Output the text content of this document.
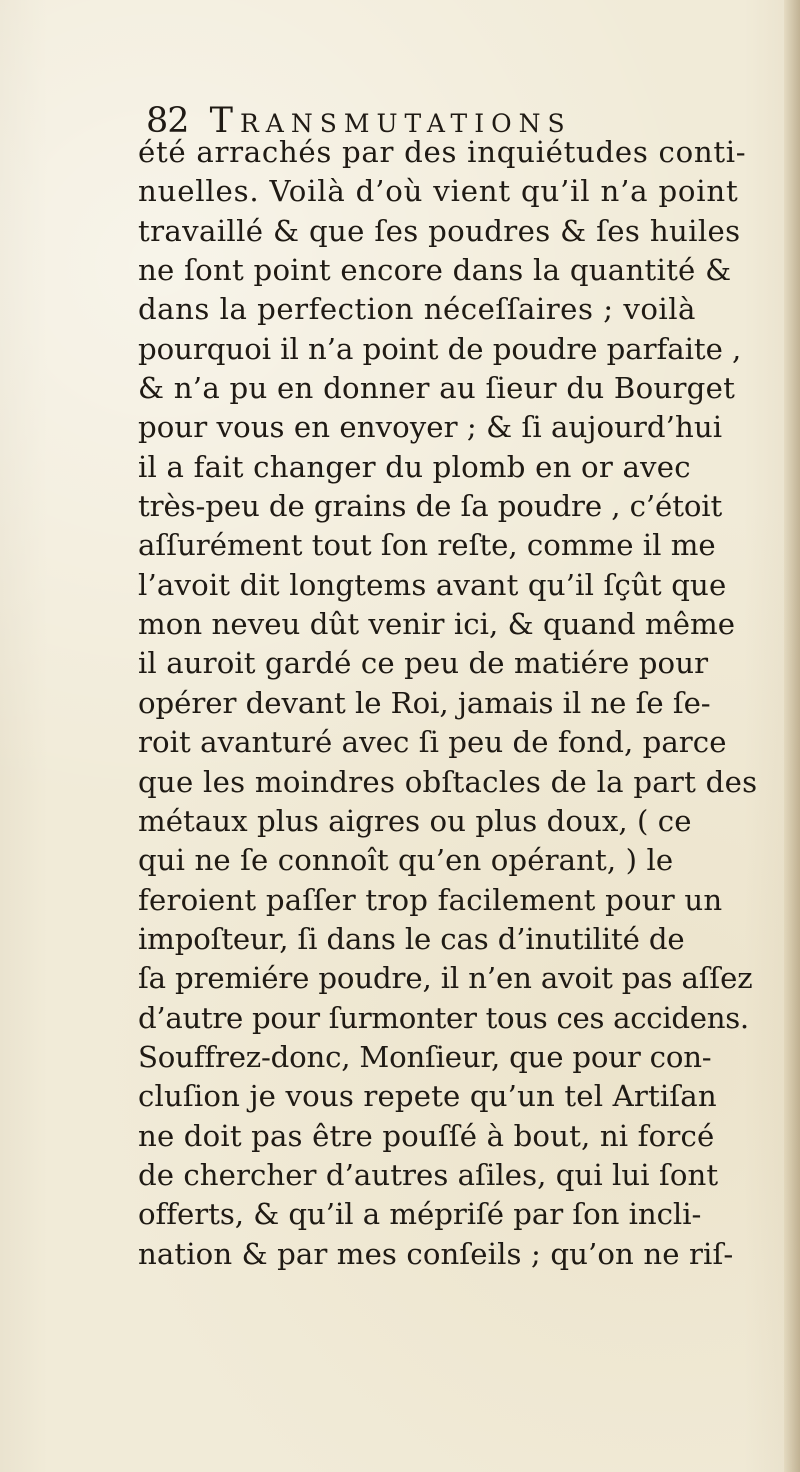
82 Transmutations
été arrachés par des inquiétudes conti-
nuelles. Voilà d’où vient qu’il n’a point
travaillé & que ſes poudres & ſes huiles
ne ſont point encore dans la quantité &
dans la perfection néceſſaires ; voilà
pourquoi il n’a point de poudre parfaite ,
& n’a pu en donner au ſieur du Bourget
pour vous en envoyer ; & ſi aujourd’hui
il a fait changer du plomb en or avec
très-peu de grains de ſa poudre , c’étoit
aſſurément tout ſon reſte, comme il me
l’avoit dit longtems avant qu’il ſçût que
mon neveu dût venir ici, & quand même
il auroit gardé ce peu de matiére pour
opérer devant le Roi, jamais il ne ſe ſe-
roit avanturé avec ſi peu de fond, parce
que les moindres obſtacles de la part des
métaux plus aigres ou plus doux, ( ce
qui ne ſe connoît qu’en opérant, ) le
feroient paſſer trop facilement pour un
impoſteur, ſi dans le cas d’inutilité de
ſa premiére poudre, il n’en avoit pas aſſez
d’autre pour ſurmonter tous ces accidens.
Souffrez-donc, Monſieur, que pour con-
cluſion je vous repete qu’un tel Artiſan
ne doit pas être pouſſé à bout, ni forcé
de chercher d’autres aſiles, qui lui ſont
offerts, & qu’il a mépriſé par ſon incli-
nation & par mes conſeils ; qu’on ne riſ-
